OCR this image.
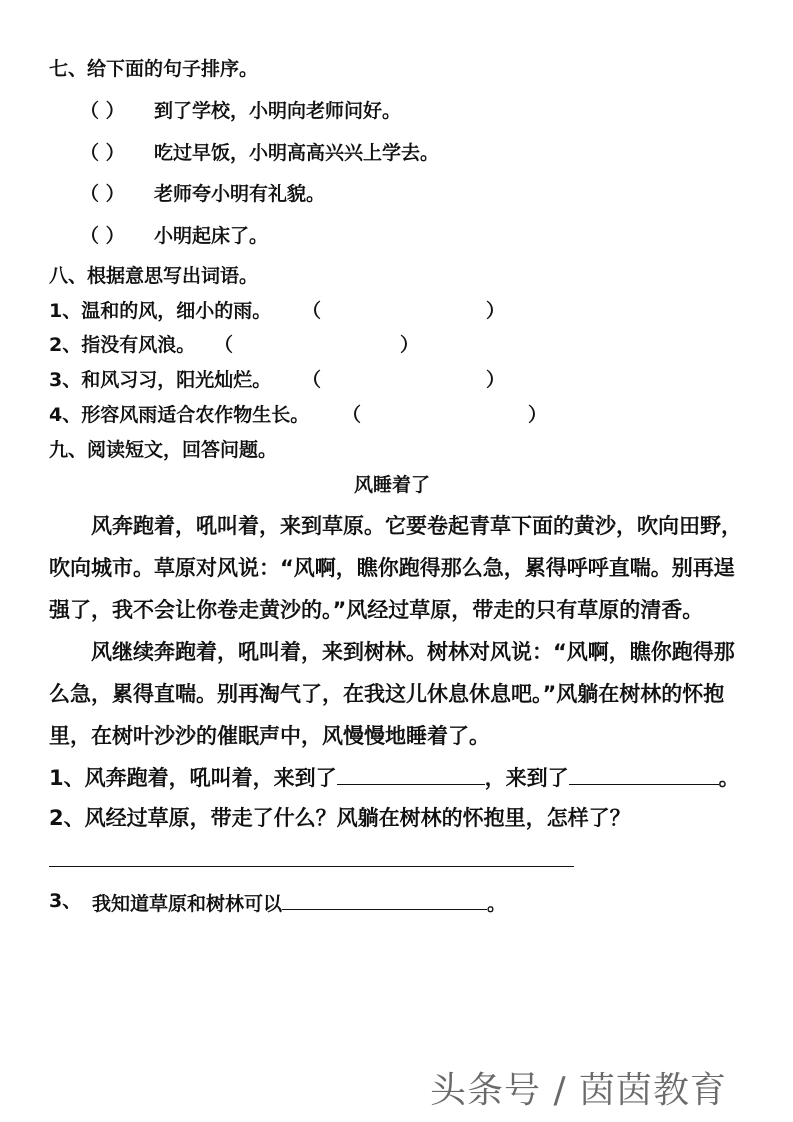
七、给下面的句子排序。
（ ） 到了学校，小明向老师问好。
（ ） 吃过早饭，小明高高兴兴上学去。
（ ） 老师夸小明有礼貌。
（ ） 小明起床了。
八、根据意思写出词语。
1、温和的风，细小的雨。 （	）
2、指没有风浪。 （	）
3、和风习习，阳光灿烂。 （	）
4、形容风雨适合农作物生长。 （	）
九、阅读短文，回答问题。
风睡着了
风奔跑着，吼叫着，来到草原。它要卷起青草下面的黄沙，吹向田野，
吹向城市。草原对风说：“风啊，瞧你跑得那么急，累得呼呼直喘。别再逞
强了，我不会让你卷走黄沙的。”风经过草原，带走的只有草原的清香。
风继续奔跑着，吼叫着，来到树林。树林对风说：“风啊，瞧你跑得那
么急，累得直喘。别再淘气了，在我这儿休息休息吧。”风躺在树林的怀抱
里，在树叶沙沙的催眠声中，风慢慢地睡着了。
1、风奔跑着，吼叫着，来到了	，来到了	。
2、风经过草原，带走了什么？风躺在树林的怀抱里，怎样了？
3、 我知道草原和树林可以	。
头条号 / 茵茵教育
